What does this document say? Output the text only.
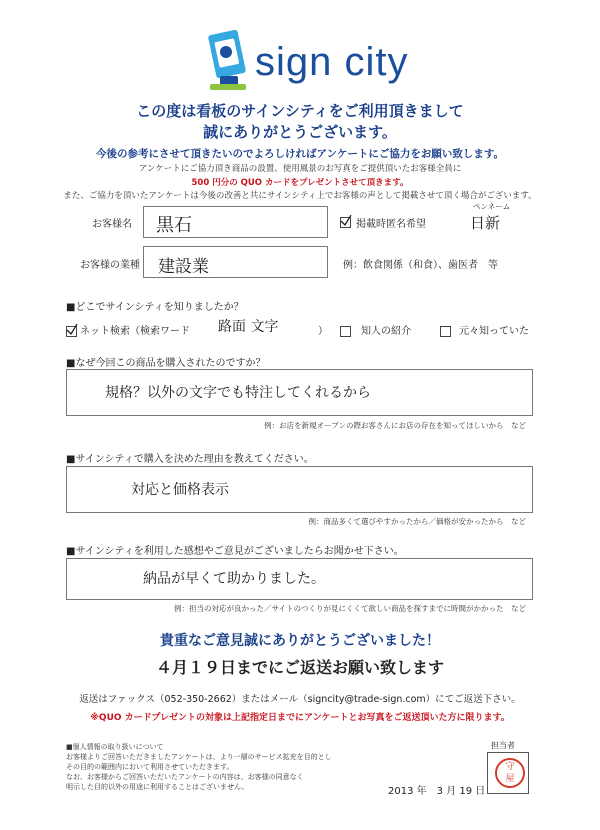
sign city
この度は看板のサインシティをご利用頂きまして
誠にありがとうございます。
今後の参考にさせて頂きたいのでよろしければアンケートにご協力をお願い致します。
アンケートにご協力頂き商品の設置、使用風景のお写真をご提供頂いたお客様全員に
500 円分の QUO カードをプレゼントさせて頂きます。
また、ご協力を頂いたアンケートは今後の改善と共にサインシティ上でお客様の声として掲載させて頂く場合がございます。
お客様名 黒石	掲載時匿名希望
ペンネーム
日新
お客様の業種 建設業	例：飲食関係（和食）、歯医者　等
■どこでサインシティを知りましたか？
ネット検索（検索ワード 路面 文字	）	知人の紹介	元々知っていた
■なぜ今回この商品を購入されたのですか？
規格？以外の文字でも特注してくれるから
例：お店を新規オープンの際お客さんにお店の存在を知ってほしいから　など
■サインシティで購入を決めた理由を教えてください。
対応と価格表示
例：商品多くて選びやすかったから／価格が安かったから　など
■サインシティを利用した感想やご意見がございましたらお聞かせ下さい。
納品が早くて助かりました。
例：担当の対応が良かった／サイトのつくりが見にくくて欲しい商品を探すまでに時間がかかった　など
貴重なご意見誠にありがとうございました！
４月１９日までにご返送お願い致します
返送はファックス（052-350-2662）またはメール（signcity@trade-sign.com）にてご返送下さい。
※QUO カードプレゼントの対象は上記指定日までにアンケートとお写真をご返送頂いた方に限ります。
■個人情報の取り扱いについて
お客様よりご回答いただきましたアンケートは、より一層のサービス拡充を目的とし
その目的の範囲内において利用させていただきます。
なお、お客様からご回答いただいたアンケートの内容は、お客様の同意なく
明示した目的以外の用途に利用することはございません。
担当者
守屋
2013 年　3 月 19 日
